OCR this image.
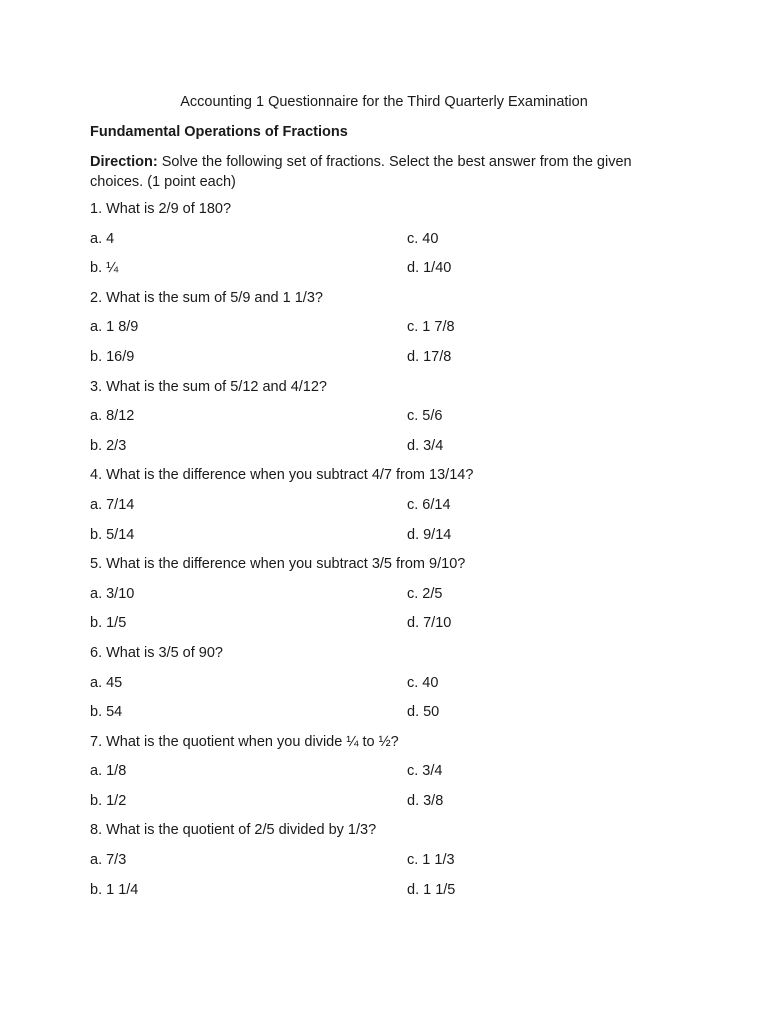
Accounting 1 Questionnaire for the Third Quarterly Examination
Fundamental Operations of Fractions
Direction: Solve the following set of fractions. Select the best answer from the given choices. (1 point each)
1. What is 2/9 of 180?
a. 4	c. 40
b. ¼	d. 1/40
2. What is the sum of 5/9 and 1 1/3?
a. 1 8/9	c. 1 7/8
b. 16/9	d. 17/8
3. What is the sum of 5/12 and 4/12?
a. 8/12	c. 5/6
b. 2/3	d. 3/4
4. What is the difference when you subtract 4/7 from 13/14?
a. 7/14	c. 6/14
b. 5/14	d. 9/14
5. What is the difference when you subtract 3/5 from 9/10?
a. 3/10	c. 2/5
b. 1/5	d. 7/10
6. What is 3/5 of 90?
a. 45	c. 40
b. 54	d. 50
7. What is the quotient when you divide ¼ to ½?
a. 1/8	c. 3/4
b. 1/2	d. 3/8
8. What is the quotient of 2/5 divided by 1/3?
a. 7/3	c. 1 1/3
b. 1 1/4	d. 1 1/5
